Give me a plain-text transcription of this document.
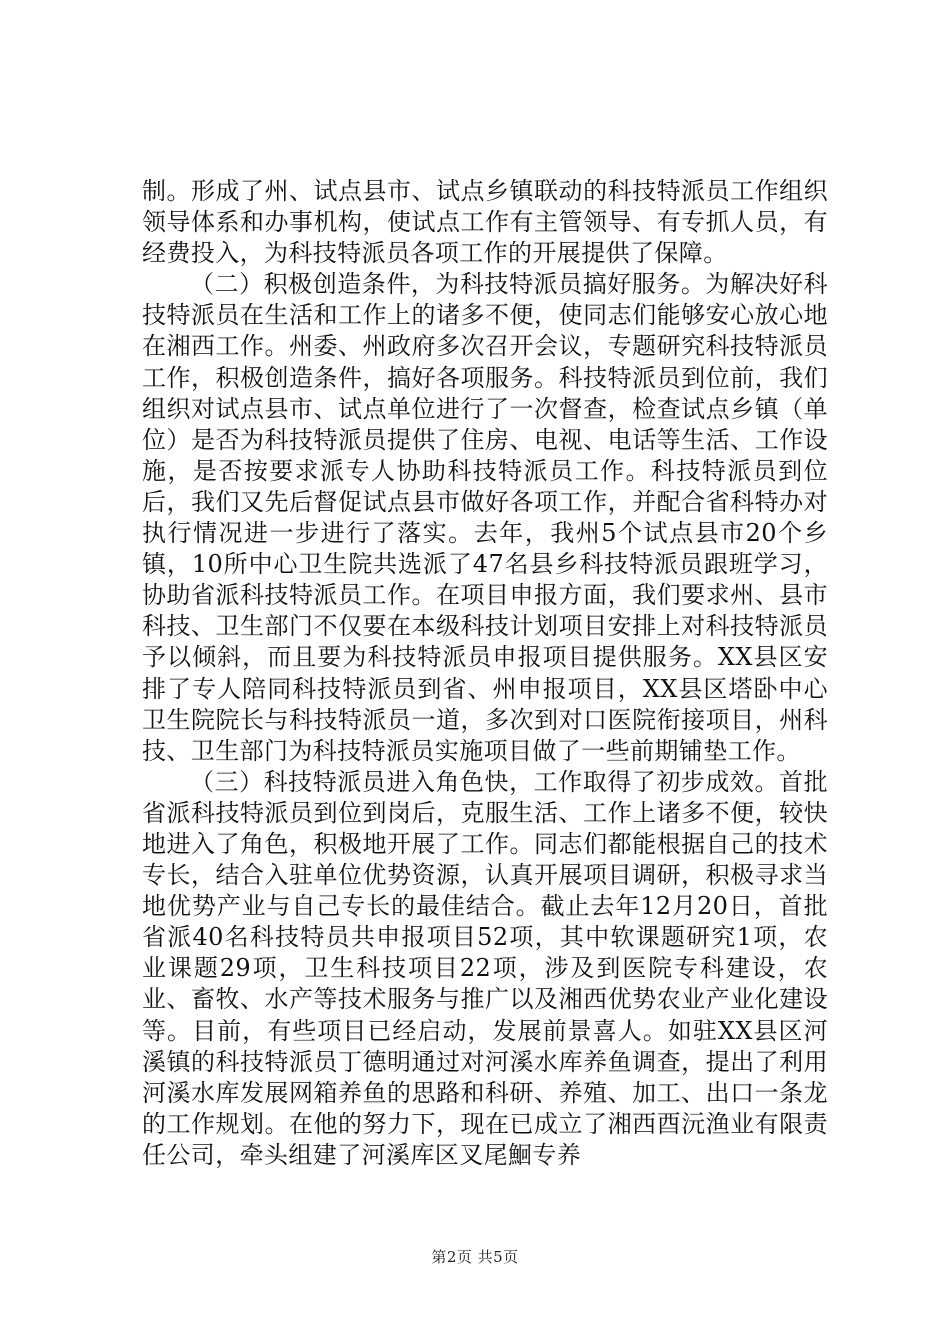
制。形成了州、试点县市、试点乡镇联动的科技特派员工作组织领导体系和办事机构，使试点工作有主管领导、有专抓人员，有经费投入，为科技特派员各项工作的开展提供了保障。

（二）积极创造条件，为科技特派员搞好服务。为解决好科技特派员在生活和工作上的诸多不便，使同志们能够安心放心地在湘西工作。州委、州政府多次召开会议，专题研究科技特派员工作，积极创造条件，搞好各项服务。科技特派员到位前，我们组织对试点县市、试点单位进行了一次督查，检查试点乡镇（单位）是否为科技特派员提供了住房、电视、电话等生活、工作设施，是否按要求派专人协助科技特派员工作。科技特派员到位后，我们又先后督促试点县市做好各项工作，并配合省科特办对执行情况进一步进行了落实。去年，我州5个试点县市20个乡镇，10所中心卫生院共选派了47名县乡科技特派员跟班学习，协助省派科技特派员工作。在项目申报方面，我们要求州、县市科技、卫生部门不仅要在本级科技计划项目安排上对科技特派员予以倾斜，而且要为科技特派员申报项目提供服务。XX县区安排了专人陪同科技特派员到省、州申报项目，XX县区塔卧中心卫生院院长与科技特派员一道，多次到对口医院衔接项目，州科技、卫生部门为科技特派员实施项目做了一些前期铺垫工作。

（三）科技特派员进入角色快，工作取得了初步成效。首批省派科技特派员到位到岗后，克服生活、工作上诸多不便，较快地进入了角色，积极地开展了工作。同志们都能根据自己的技术专长，结合入驻单位优势资源，认真开展项目调研，积极寻求当地优势产业与自己专长的最佳结合。截止去年12月20日，首批省派40名科技特员共申报项目52项，其中软课题研究1项，农业课题29项，卫生科技项目22项，涉及到医院专科建设，农业、畜牧、水产等技术服务与推广以及湘西优势农业产业化建设等。目前，有些项目已经启动，发展前景喜人。如驻XX县区河溪镇的科技特派员丁德明通过对河溪水库养鱼调查，提出了利用河溪水库发展网箱养鱼的思路和科研、养殖、加工、出口一条龙的工作规划。在他的努力下，现在已成立了湘西酉沅渔业有限责任公司，牵头组建了河溪库区叉尾鮰专养

第2页 共5页
